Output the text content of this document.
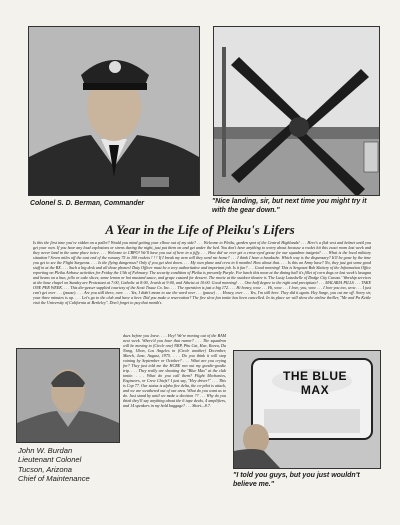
Colonel S. D. Berman, Commander	"Nice landing, sir, but next time you might try it with the gear down."
A Year in the Life of Pleiku's Lifers
Is this the first time you've ridden on a pallet? Would you mind getting your elbow out of my side? . . . Welcome to Pleiku, garden spot of the Central Highlands! . . . Here's a flak vest and helmet until you get your own. If you hear any loud explosions or sirens during the night, just put them on and get under the bed. You don't have anything to worry about because a rocket hit this exact room last week and they never land in the same place twice. . . . Welcome to CBPO! We'll have you out of here in a jiffy. . . . How did we ever get a cross-eyed goose for our squadron insignia? . . . What is the local military situation? Seven miles off the east end of the runway 75 to 100 rockets ! ! ! If I break my arm will they send me home? . . . I think I have a headache. Which way is the dispensary? It'll be gone by the time you get to see the Flight Surgeons. . . . Is the flying dangerous? Only if you get shot down. . . . My own plane and crew in 6 months! How about that. . . . Is this an Army base? No, they just got some good stuff in at the BX. . . . Such a big desk and all those phones! Duty Officer must be a very authoritative and important job. Is it fun? . . . Good morning! This is Sergeant Bob Slattery of the Information Office reporting on Pleiku Airbase activities for Friday the 13th of February. The security condition of Pleiku is presently Purple. For lunch this noon at the dining hall it's fillet of corn dogs or last week's lasagna and beans on a bun, jello or cake slices, some lemon or hot mustard sauce, and grape custard for dessert. The movie at the outdoor theatre is 'The Lusty Lotusbelle of Dodge City Caruso.' Worship services at the base chapel on Sunday are Protestant at 7:00, Catholic at 8:00, Jewish at 9:00, and Atheist at 10:00. Good morning! . . . One half degree to the right and precipitate! . . . MALARIA PILLS . . . TAKE ONE PER WEEK. . . . This die-gesser supplied courtesy of the Scott Tissue Co. Inc. . . . The operation is just a big 172. . . . Hi honey, wow . . . Hi, wow . . . I love, you, wow . . . I love you too, wow . . . I just can't get over . . . (pause). . . . Are you still there, over. . . . Yes, I didn't mean to use the word over . . . (pause) . . . Honey, over . . . Yes, I'm still here. They did it again. Hey Sarge, you cut me off. Sorry sir, your three minutes is up. . . . Let's go to the club and have a beer. Did you make a reservation? The five slow fan tonite has been cancelled. In its place we will show the airline thriller, "Me and Pa Kettle visit the University of California at Berkeley". Don't forget to pay that month's
dues before you leave. . . . Hey! We're moving out of the BAM next week. Where'd you hear that rumor? . . . The squadron will be moving to (Circle one) NKP, Phu Cat, Hue, Korea, Da Nang, Ubon, Los Angeles in (Circle another) December, March, June, August, 1975. . . . Do you think it will stop raining by September or October? . . . What are you crying for? They just told me the HCRE ran out my goodie-goodie trip. . . . They really are shooting the "Blue Max" at the club tonite. . . . What do you call them? Flight Mechanics, Engineers, or Crew Chiefs? I just say, "Hey driver!" . . . This is Cop 77. Our status is alpha five delta, the co-pilot is attack, and we are weathered out of our area. What do you want us to do. Just stand by until we make a decision ?? . . . Why do you think they'll say anything about the 6 tape decks, 4 amplifiers, and 14 speakers in my hold baggage? . . . Short—8.7.
John W. Burdan
Lieutenant Colonel
Tucson, Arizona
Chief of Maintenance
THE BLUE MAX
"I told you guys, but you just wouldn't believe me."
